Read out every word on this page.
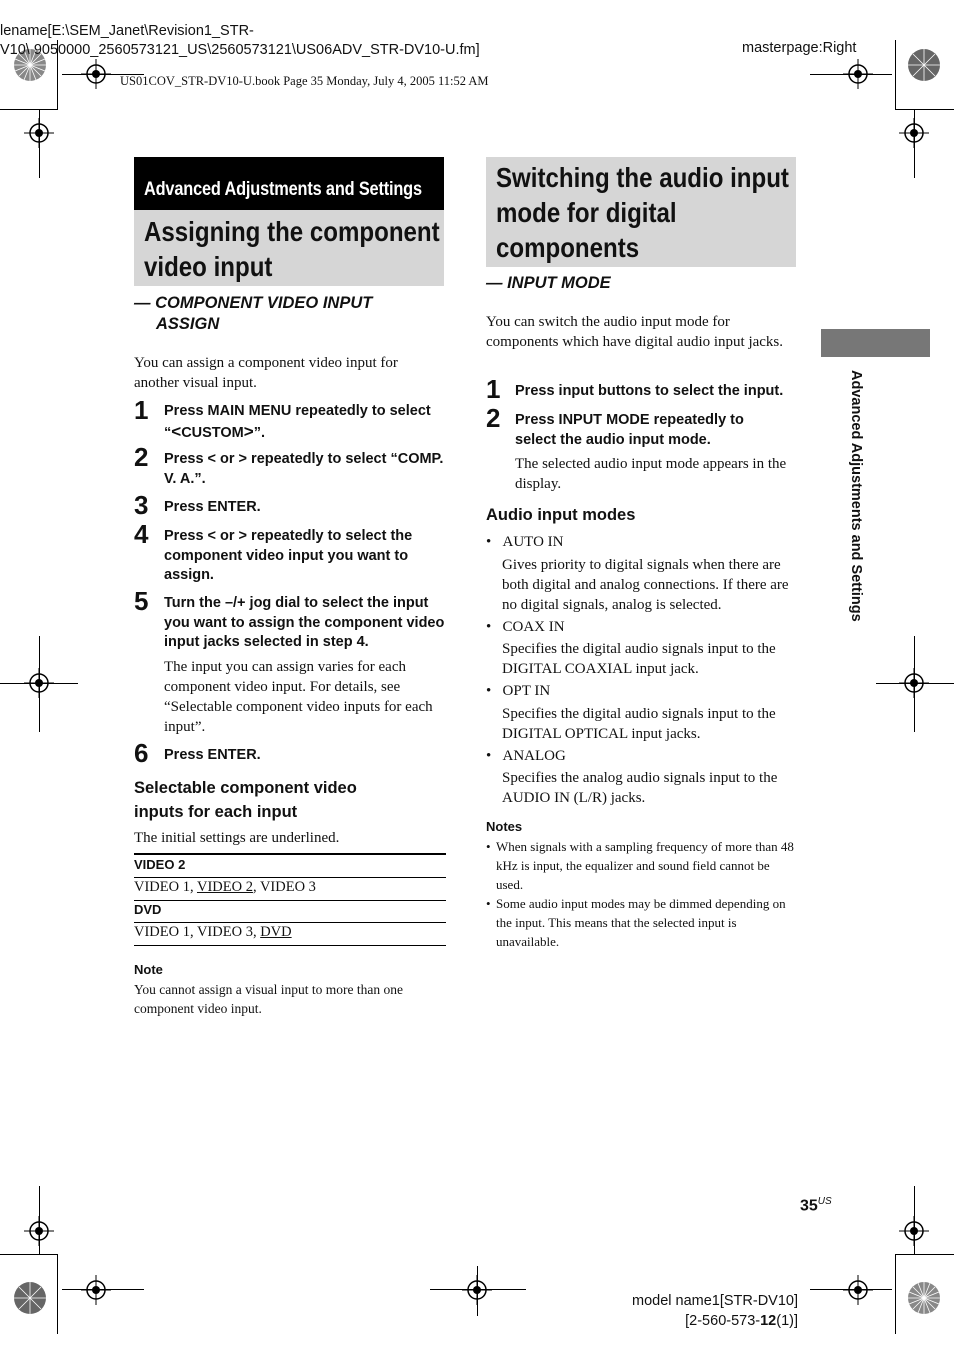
lename[E:\SEM_Janet\Revision1_STR-
V10\ 9050000_2560573121_US\2560573121\US06ADV_STR-DV10-U.fm]	masterpage:Right
US01COV_STR-DV10-U.book Page 35 Monday, July 4, 2005 11:52 AM
Advanced Adjustments and Settings
Assigning the component
video input
— COMPONENT VIDEO INPUT
ASSIGN
You can assign a component video input for another visual input.
1 Press MAIN MENU repeatedly to select “<CUSTOM>”.
2 Press < or > repeatedly to select “COMP. V. A.”.
3 Press ENTER.
4 Press < or > repeatedly to select the component video input you want to assign.
5 Turn the –/+ jog dial to select the input you want to assign the component video input jacks selected in step 4.
The input you can assign varies for each component video input. For details, see “Selectable component video inputs for each input”.
6 Press ENTER.
Selectable component video
inputs for each input
The initial settings are underlined.
VIDEO 2
VIDEO 1, VIDEO 2, VIDEO 3
DVD
VIDEO 1, VIDEO 3, DVD
Note
You cannot assign a visual input to more than one component video input.
Switching the audio input
mode for digital
components
— INPUT MODE
You can switch the audio input mode for components which have digital audio input jacks.
1 Press input buttons to select the input.
2 Press INPUT MODE repeatedly to select the audio input mode.
The selected audio input mode appears in the display.
Audio input modes
•   AUTO IN
Gives priority to digital signals when there are both digital and analog connections. If there are no digital signals, analog is selected.
•   COAX IN
Specifies the digital audio signals input to the DIGITAL COAXIAL input jack.
•   OPT IN
Specifies the digital audio signals input to the DIGITAL OPTICAL input jacks.
•   ANALOG
Specifies the analog audio signals input to the AUDIO IN (L/R) jacks.
Notes
• When signals with a sampling frequency of more than 48 kHz is input, the equalizer and sound field cannot be used.
• Some audio input modes may be dimmed depending on the input. This means that the selected input is unavailable.
Advanced Adjustments and Settings
$35^{US}$
model name1[STR-DV10]
[2-560-573-12(1)]
